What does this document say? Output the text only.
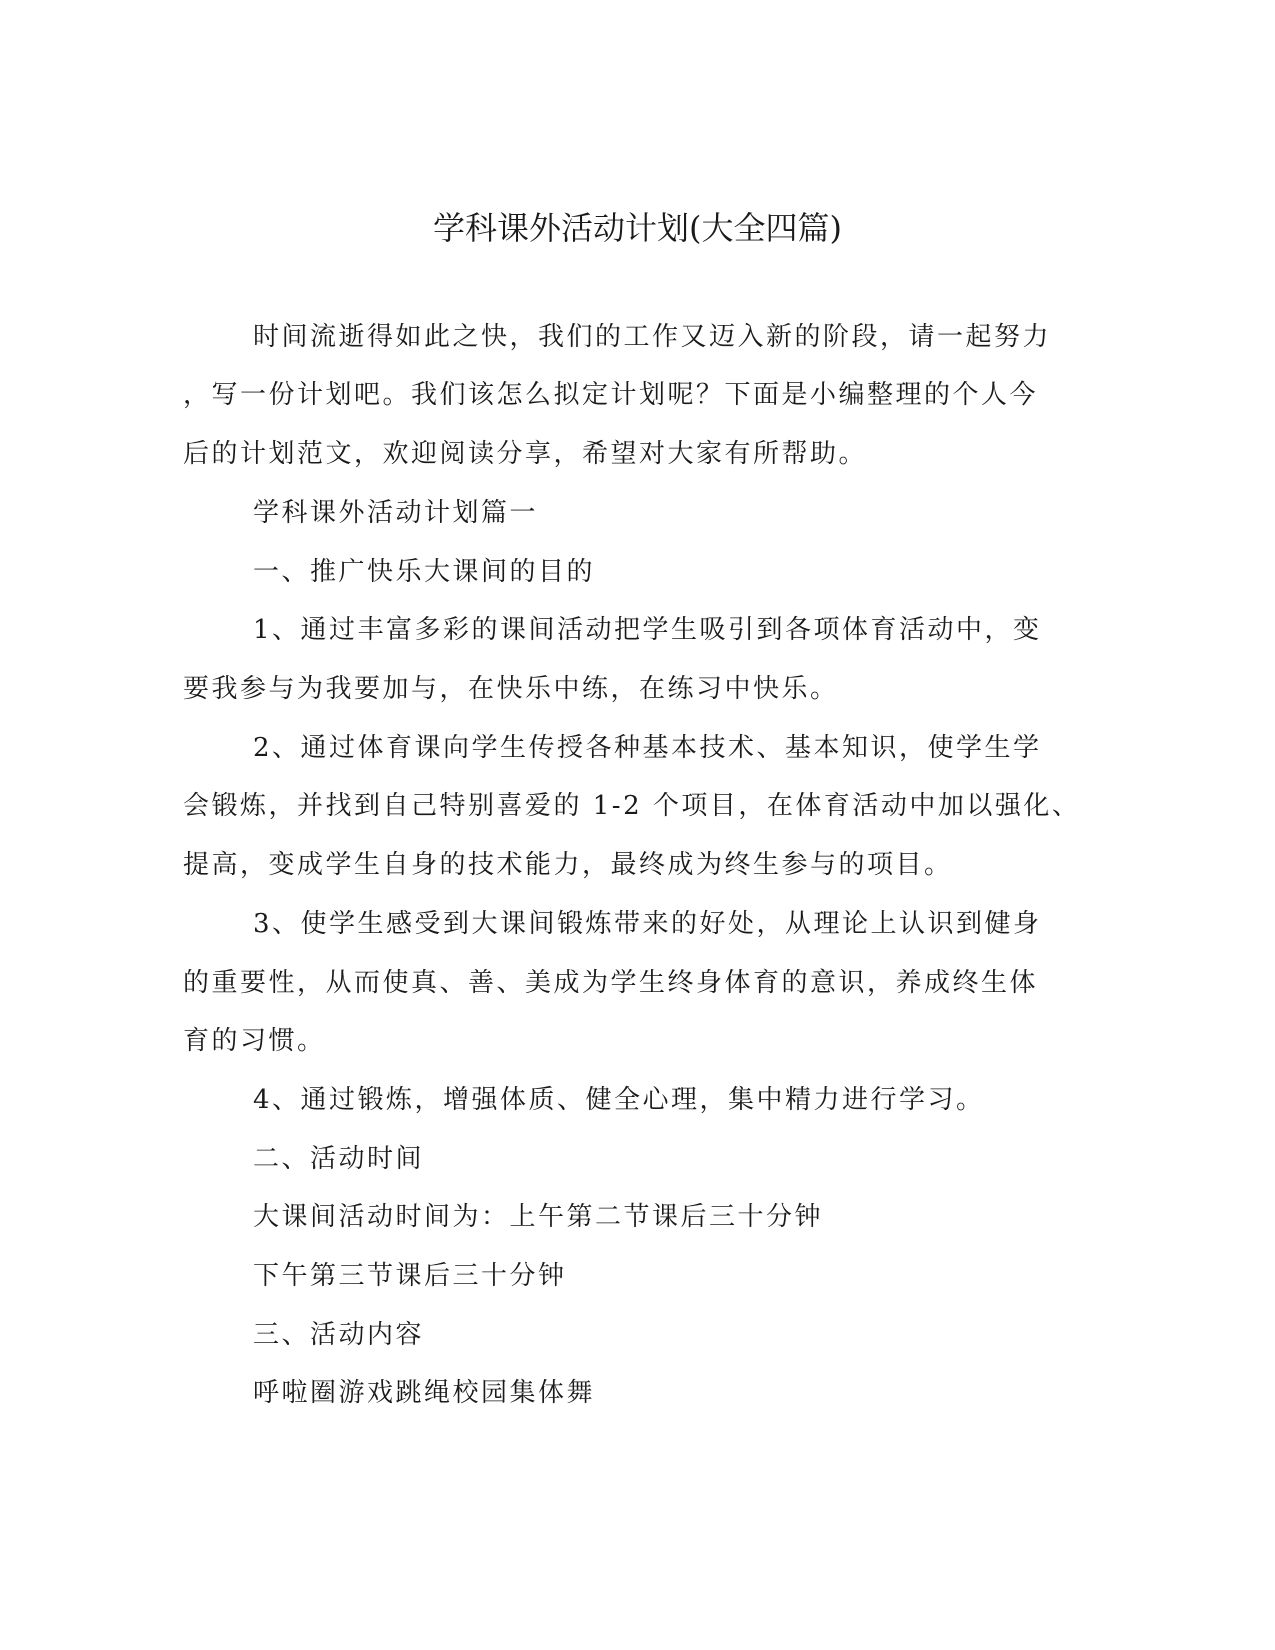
学科课外活动计划(大全四篇)

时间流逝得如此之快，我们的工作又迈入新的阶段，请一起努力

，写一份计划吧。我们该怎么拟定计划呢？下面是小编整理的个人今

后的计划范文，欢迎阅读分享，希望对大家有所帮助。

学科课外活动计划篇一

一、推广快乐大课间的目的

1、通过丰富多彩的课间活动把学生吸引到各项体育活动中，变

要我参与为我要加与，在快乐中练，在练习中快乐。

2、通过体育课向学生传授各种基本技术、基本知识，使学生学

会锻炼，并找到自己特别喜爱的 1-2 个项目，在体育活动中加以强化、

提高，变成学生自身的技术能力，最终成为终生参与的项目。

3、使学生感受到大课间锻炼带来的好处，从理论上认识到健身

的重要性，从而使真、善、美成为学生终身体育的意识，养成终生体

育的习惯。

4、通过锻炼，增强体质、健全心理，集中精力进行学习。

二、活动时间

大课间活动时间为：上午第二节课后三十分钟

下午第三节课后三十分钟

三、活动内容

呼啦圈游戏跳绳校园集体舞
